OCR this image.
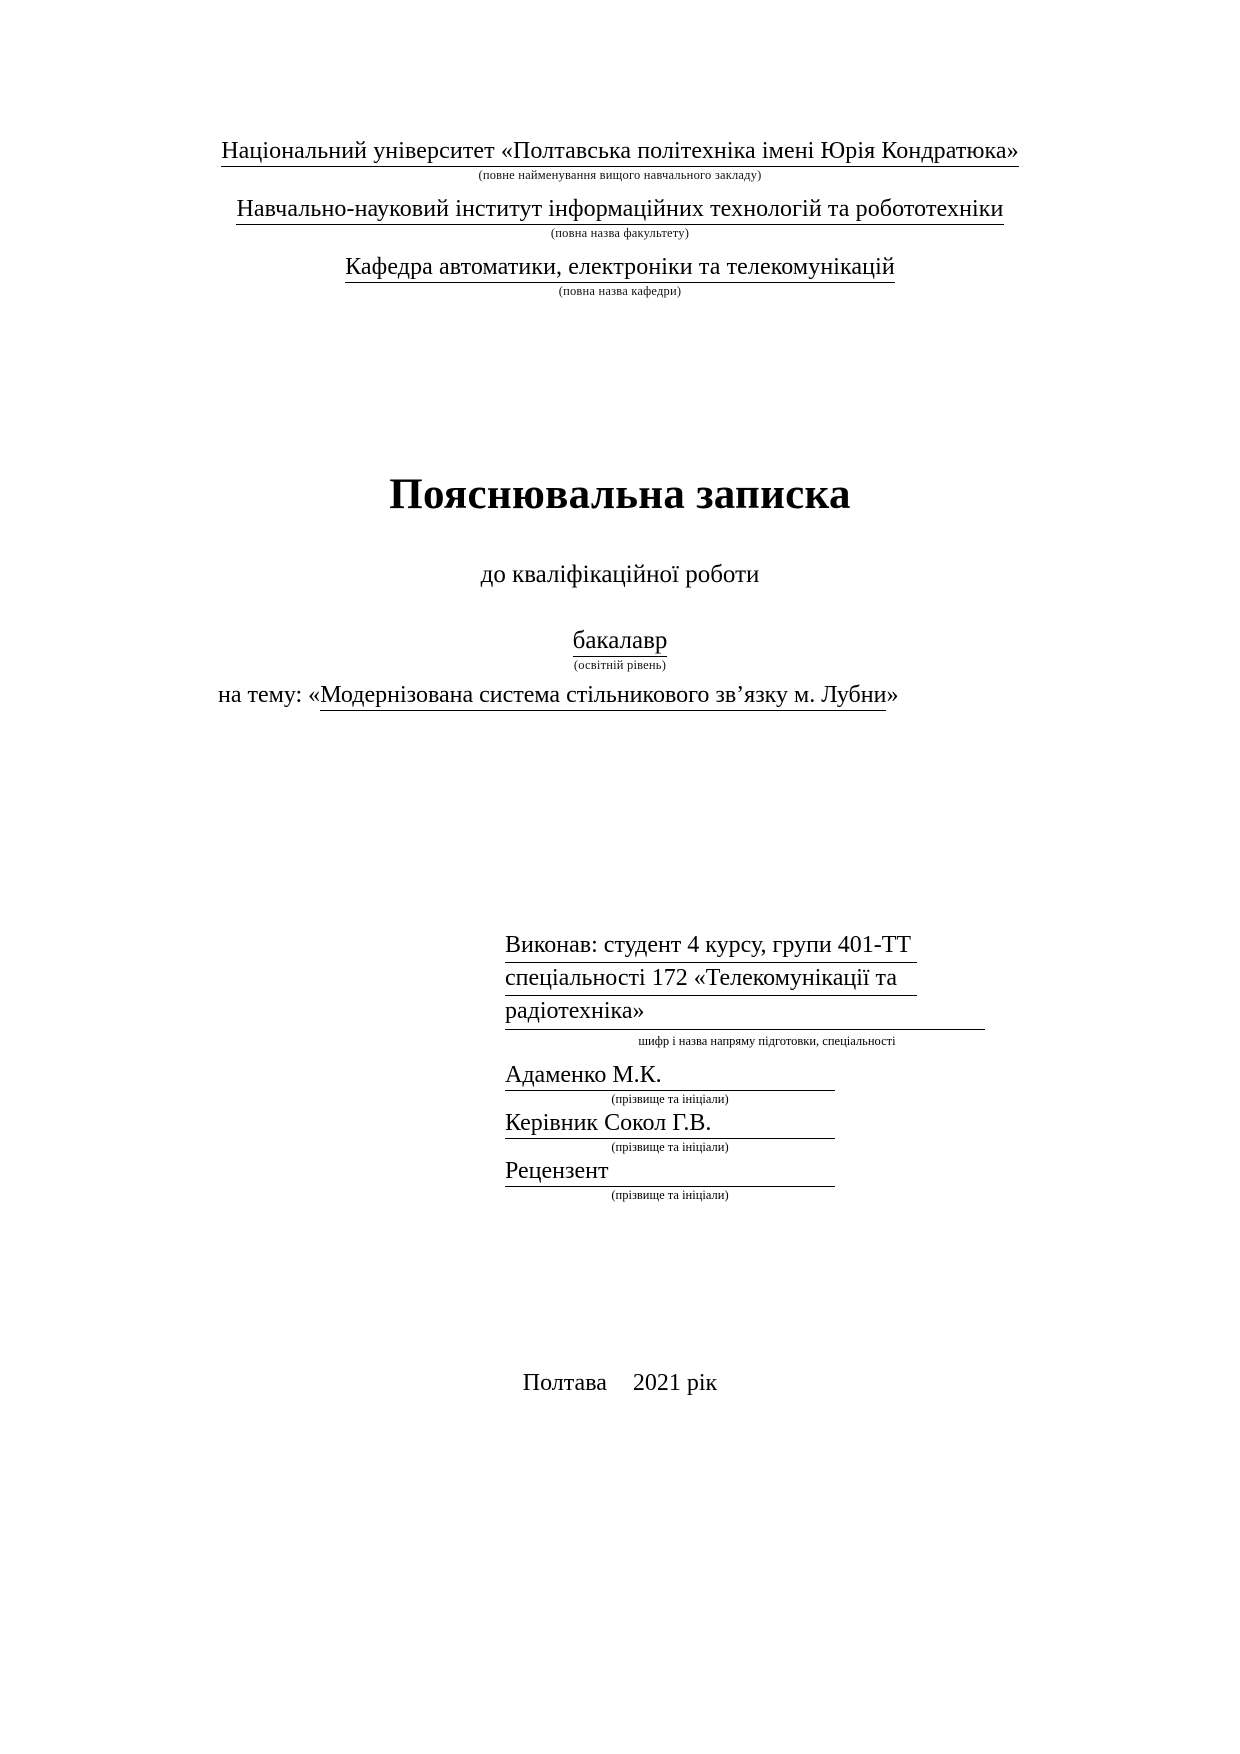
Національний університет «Полтавська політехніка імені Юрія Кондратюка»
(повне найменування вищого навчального закладу)
Навчально-науковий інститут інформаційних технологій та робототехніки
(повна назва факультету)
Кафедра автоматики, електроніки та телекомунікацій
(повна назва кафедри)
Пояснювальна записка
до кваліфікаційної роботи
бакалавр
(освітній рівень)
на тему: «Модернізована система стільникового зв’язку м. Лубни»
Виконав: студент 4 курсу, групи 401-ТТ
спеціальності 172 «Телекомунікації та
радіотехніка»
шифр і назва напряму підготовки, спеціальності
Адаменко М.К.
(прізвище та ініціали)
Керівник Сокол Г.В.
(прізвище та ініціали)
Рецензент
(прізвище та ініціали)
Полтава 2021 рік
